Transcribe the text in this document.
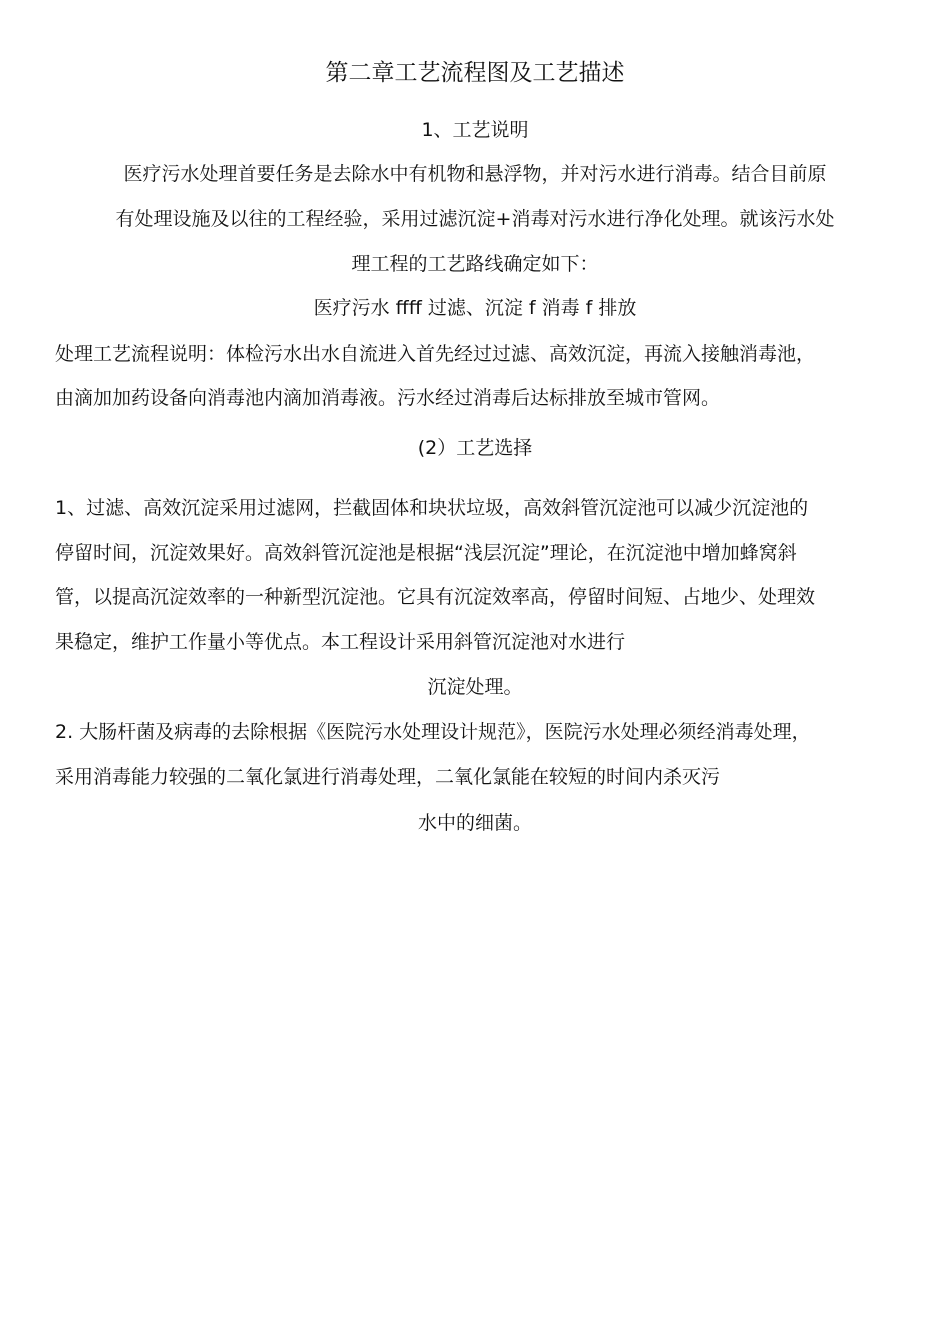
第二章工艺流程图及工艺描述
1、工艺说明
医疗污水处理首要任务是去除水中有机物和悬浮物，并对污水进行消毒。结合目前原
有处理设施及以往的工程经验，采用过滤沉淀+消毒对污水进行净化处理。就该污水处
理工程的工艺路线确定如下：
医疗污水 ffff 过滤、沉淀 f 消毒 f 排放
处理工艺流程说明：体检污水出水自流进入首先经过过滤、高效沉淀，再流入接触消毒池，
由滴加加药设备向消毒池内滴加消毒液。污水经过消毒后达标排放至城市管网。
(2）工艺选择
1、过滤、高效沉淀采用过滤网，拦截固体和块状垃圾，高效斜管沉淀池可以减少沉淀池的
停留时间，沉淀效果好。高效斜管沉淀池是根据“浅层沉淀”理论，在沉淀池中增加蜂窝斜
管，以提高沉淀效率的一种新型沉淀池。它具有沉淀效率高，停留时间短、占地少、处理效
果稳定，维护工作量小等优点。本工程设计采用斜管沉淀池对水进行
沉淀处理。
2. 大肠杆菌及病毒的去除根据《医院污水处理设计规范》，医院污水处理必须经消毒处理，
采用消毒能力较强的二氧化氯进行消毒处理，二氧化氯能在较短的时间内杀灭污
水中的细菌。
